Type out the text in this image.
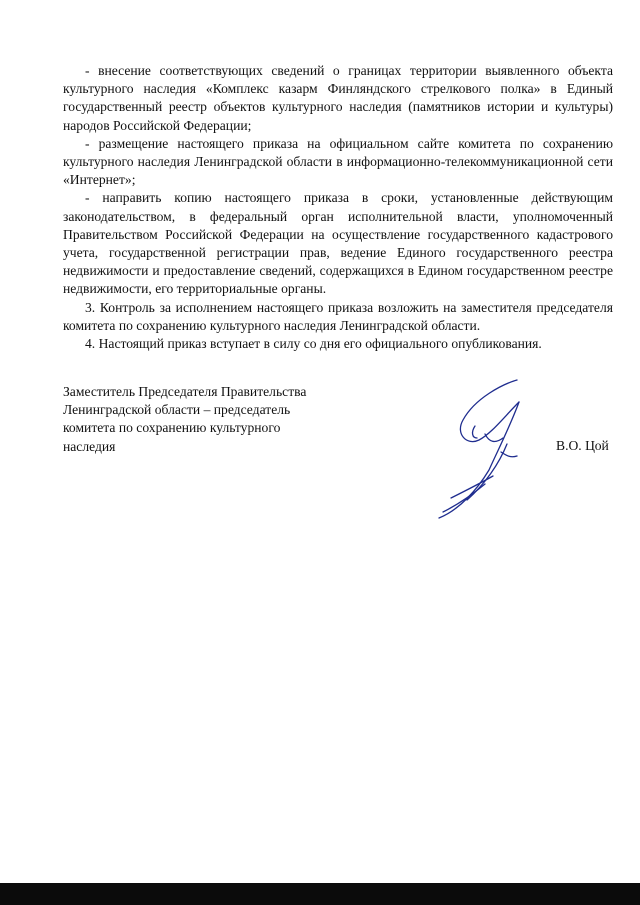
- внесение соответствующих сведений о границах территории выявленного объекта культурного наследия «Комплекс казарм Финляндского стрелкового полка» в Единый государственный реестр объектов культурного наследия (памятников истории и культуры) народов Российской Федерации;

- размещение настоящего приказа на официальном сайте комитета по сохранению культурного наследия Ленинградской области в информационно-телекоммуникационной сети «Интернет»;

- направить копию настоящего приказа в сроки, установленные действующим законодательством, в федеральный орган исполнительной власти, уполномоченный Правительством Российской Федерации на осуществление государственного кадастрового учета, государственной регистрации прав, ведение Единого государственного реестра недвижимости и предоставление сведений, содержащихся в Едином государственном реестре недвижимости, его территориальные органы.

3. Контроль за исполнением настоящего приказа возложить на заместителя председателя комитета по сохранению культурного наследия Ленинградской области.

4. Настоящий приказ вступает в силу со дня его официального опубликования.

Заместитель Председателя Правительства
Ленинградской области – председатель
комитета по сохранению культурного
наследия	В.О. Цой
